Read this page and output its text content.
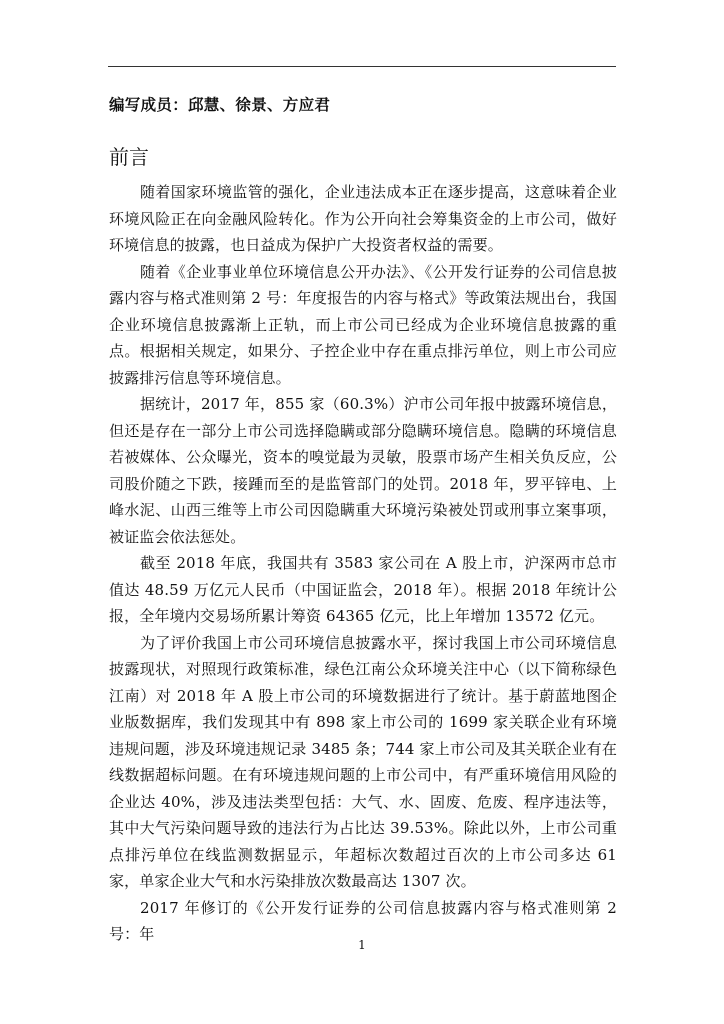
编写成员：邱慧、徐景、方应君
前言

随着国家环境监管的强化，企业违法成本正在逐步提高，这意味着企业环境风险正在向金融风险转化。作为公开向社会筹集资金的上市公司，做好环境信息的披露，也日益成为保护广大投资者权益的需要。

随着《企业事业单位环境信息公开办法》、《公开发行证券的公司信息披露内容与格式准则第 2 号：年度报告的内容与格式》等政策法规出台，我国企业环境信息披露渐上正轨，而上市公司已经成为企业环境信息披露的重点。根据相关规定，如果分、子控企业中存在重点排污单位，则上市公司应披露排污信息等环境信息。

据统计，2017 年，855 家（60.3%）沪市公司年报中披露环境信息，但还是存在一部分上市公司选择隐瞒或部分隐瞒环境信息。隐瞒的环境信息若被媒体、公众曝光，资本的嗅觉最为灵敏，股票市场产生相关负反应，公司股价随之下跌，接踵而至的是监管部门的处罚。2018 年，罗平锌电、上峰水泥、山西三维等上市公司因隐瞒重大环境污染被处罚或刑事立案事项，被证监会依法惩处。

截至 2018 年底，我国共有 3583 家公司在 A 股上市，沪深两市总市值达 48.59 万亿元人民币（中国证监会，2018 年）。根据 2018 年统计公报，全年境内交易场所累计筹资 64365 亿元，比上年增加 13572 亿元。

为了评价我国上市公司环境信息披露水平，探讨我国上市公司环境信息披露现状，对照现行政策标准，绿色江南公众环境关注中心（以下简称绿色江南）对 2018 年 A 股上市公司的环境数据进行了统计。基于蔚蓝地图企业版数据库，我们发现其中有 898 家上市公司的 1699 家关联企业有环境违规问题，涉及环境违规记录 3485 条；744 家上市公司及其关联企业有在线数据超标问题。在有环境违规问题的上市公司中，有严重环境信用风险的企业达 40%，涉及违法类型包括：大气、水、固废、危废、程序违法等，其中大气污染问题导致的违法行为占比达 39.53%。除此以外，上市公司重点排污单位在线监测数据显示，年超标次数超过百次的上市公司多达 61 家，单家企业大气和水污染排放次数最高达 1307 次。

2017 年修订的《公开发行证券的公司信息披露内容与格式准则第 2 号：年

1
